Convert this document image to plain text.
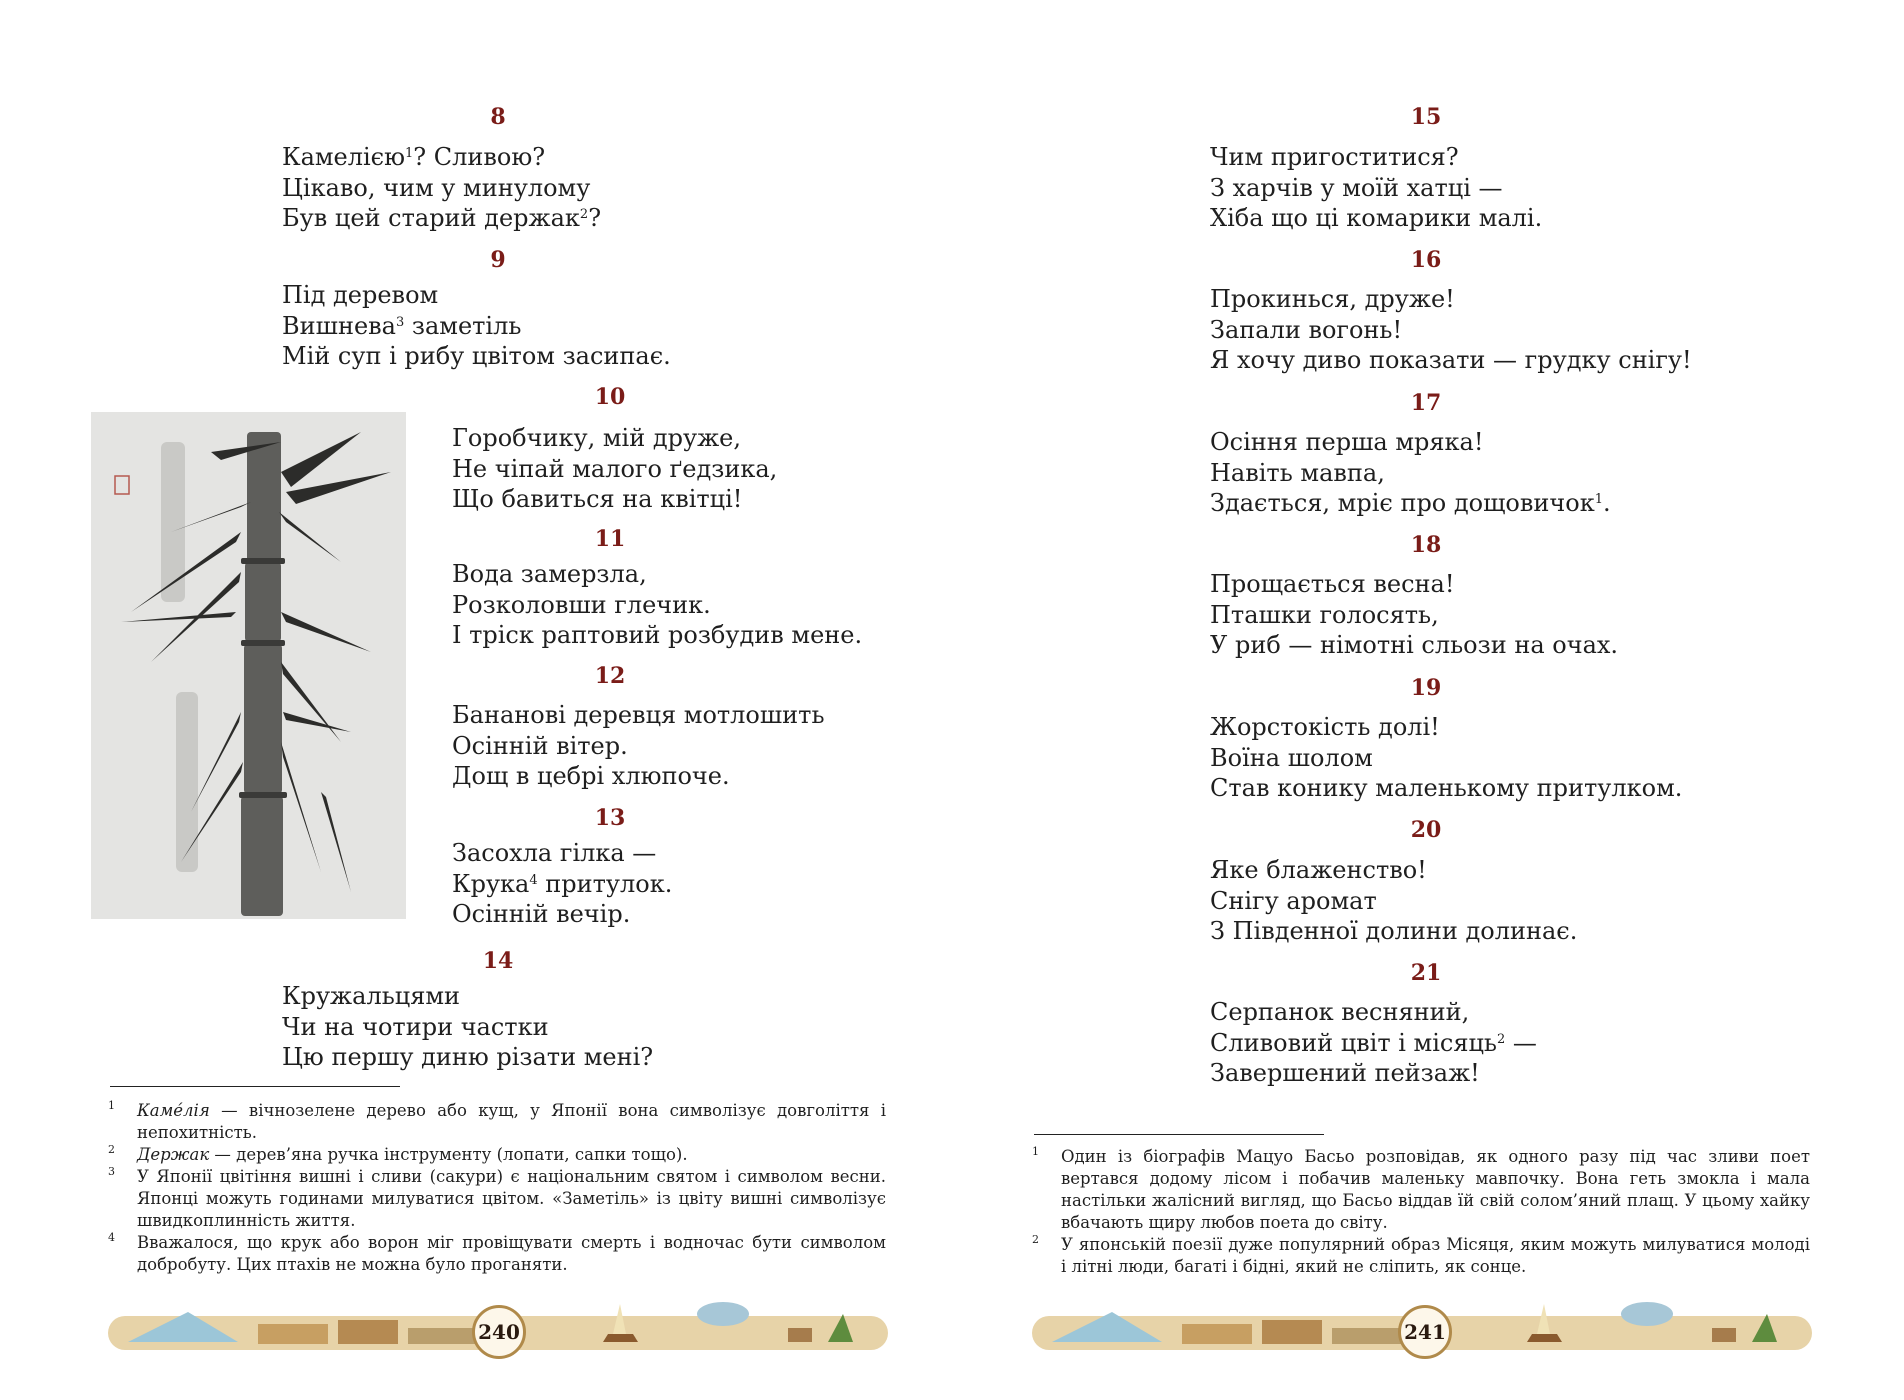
8
Камелією$^1$? Сливою?
Цікаво, чим у минулому
Був цей старий держак$^2$?
9
Під деревом
Вишнева$^3$ заметіль
Мій суп і рибу цвітом засипає.
10
Горобчику, мій друже,
Не чіпай малого ґедзика,
Що бавиться на квітці!
11
Вода замерзла,
Розколовши глечик.
І тріск раптовий розбудив мене.
12
Бананові деревця мотлошить
Осінній вітер.
Дощ в цебрі хлюпоче.
13
Засохла гілка —
Крука$^4$ притулок.
Осінній вечір.
14
Кружальцями
Чи на чотири частки
Цю першу диню різати мені?
1 Каме́лія — вічнозелене дерево або кущ, у Японії вона символізує довголіття і непохитність.
2 Держак — дерев’яна ручка інструменту (лопати, сапки тощо).
3 У Японії цвітіння вишні і сливи (сакури) є національним святом і символом весни. Японці можуть годинами милуватися цвітом. «Заметіль» із цвіту вишні символізує швидкоплинність життя.
4 Вважалося, що крук або ворон міг провіщувати смерть і водночас бути символом добробуту. Цих птахів не можна було проганяти.
240
15
Чим пригоститися?
З харчів у моїй хатці —
Хіба що ці комарики малі.
16
Прокинься, друже!
Запали вогонь!
Я хочу диво показати — грудку снігу!
17
Осіння перша мряка!
Навіть мавпа,
Здається, мріє про дощовичок$^1$.
18
Прощається весна!
Пташки голосять,
У риб — німотні сльози на очах.
19
Жорстокість долі!
Воїна шолом
Став конику маленькому притулком.
20
Яке блаженство!
Снігу аромат
З Південної долини долинає.
21
Серпанок весняний,
Сливовий цвіт і місяць$^2$ —
Завершений пейзаж!
1 Один із біографів Мацуо Басьо розповідав, як одного разу під час зливи поет вертався додому лісом і побачив маленьку мавпочку. Вона геть змокла і мала настільки жалісний вигляд, що Басьо віддав їй свій солом’яний плащ. У цьому хайку вбачають щиру любов поета до світу.
2 У японській поезії дуже популярний образ Місяця, яким можуть милуватися молоді і літні люди, багаті і бідні, який не сліпить, як сонце.
241
